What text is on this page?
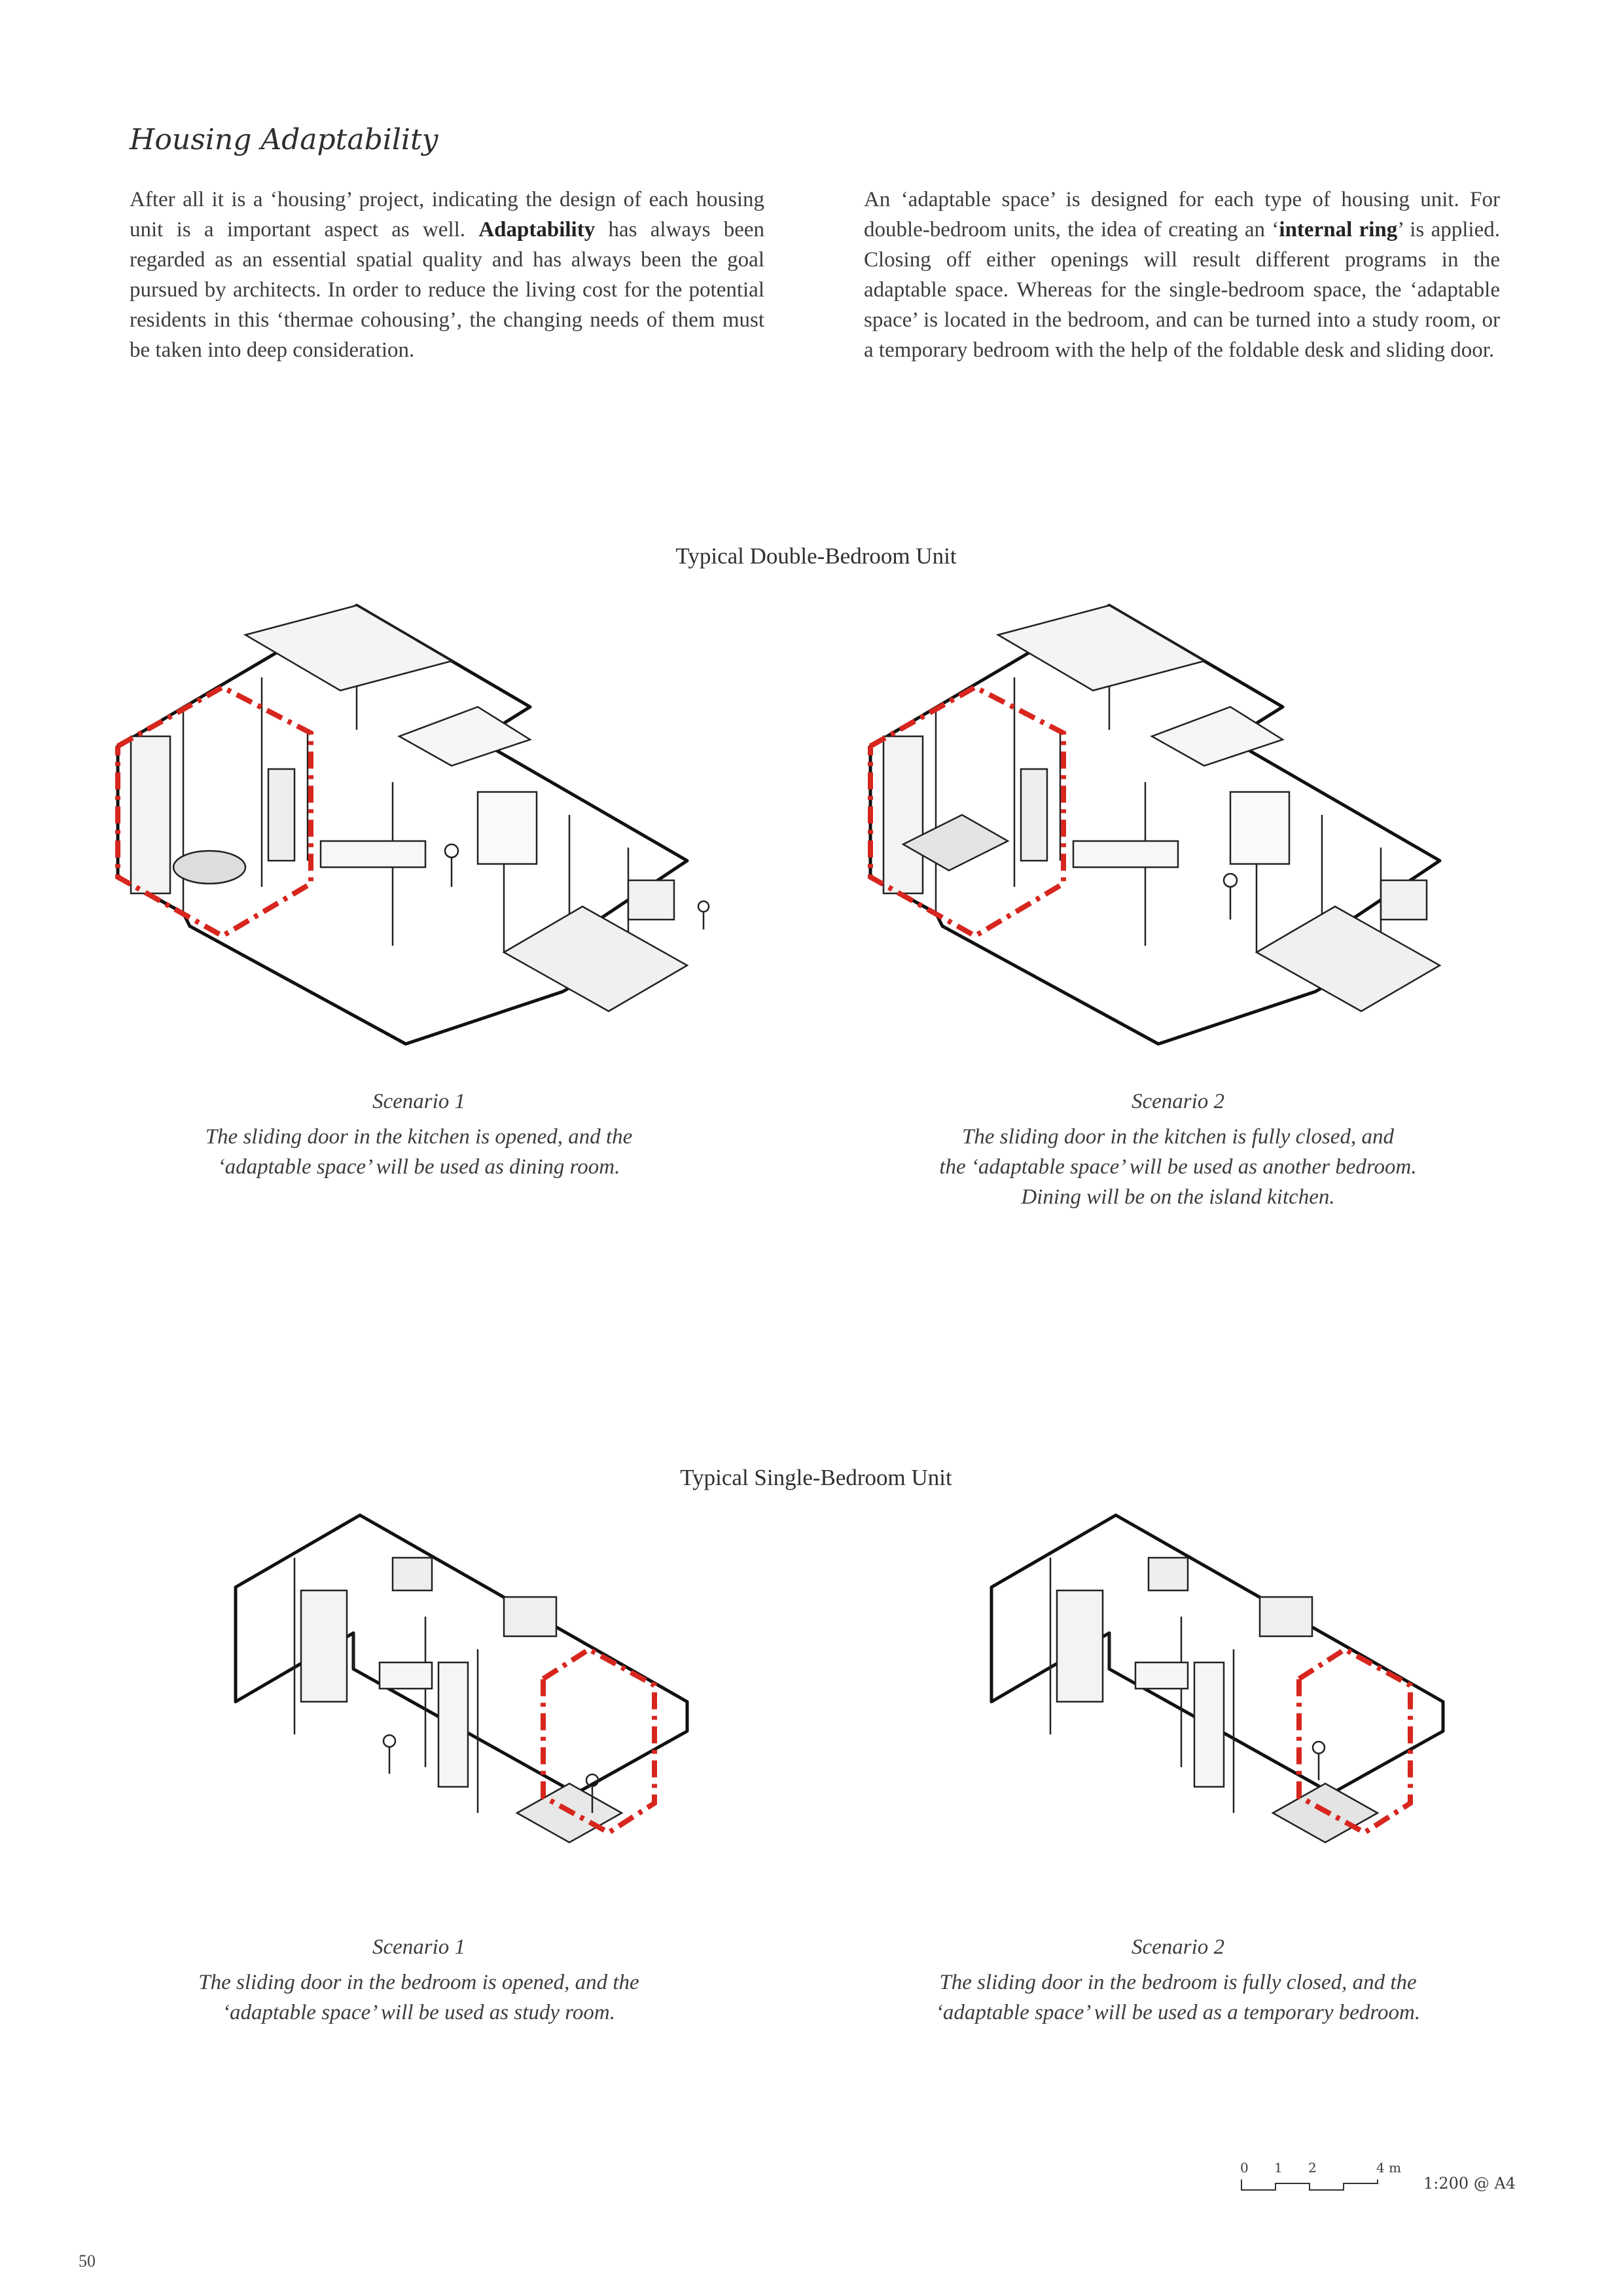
Housing Adaptability
After all it is a ‘housing’ project, indicating the design of each housing unit is a important aspect as well. Adaptability has always been regarded as an essential spatial quality and has always been the goal pursued by architects. In order to reduce the living cost for the potential residents in this ‘thermae cohousing’, the changing needs of them must be taken into deep consideration.
An ‘adaptable space’ is designed for each type of housing unit. For double-bedroom units, the idea of creating an ‘internal ring’ is applied. Closing off either openings will result different programs in the adaptable space. Whereas for the single-bedroom space, the ‘adaptable space’ is located in the bedroom, and can be turned into a study room, or a temporary bedroom with the help of the foldable desk and sliding door.
Typical Double-Bedroom Unit
Scenario 1
The sliding door in the kitchen is opened, and the
‘adaptable space’ will be used as dining room.
Scenario 2
The sliding door in the kitchen is fully closed, and
the ‘adaptable space’ will be used as another bedroom.
Dining will be on the island kitchen.
Typical Single-Bedroom Unit
Scenario 1
The sliding door in the bedroom is opened, and the
‘adaptable space’ will be used as study room.
Scenario 2
The sliding door in the bedroom is fully closed, and the
‘adaptable space’ will be used as a temporary bedroom.
0 1 2	4 m
1:200 @ A4
50
